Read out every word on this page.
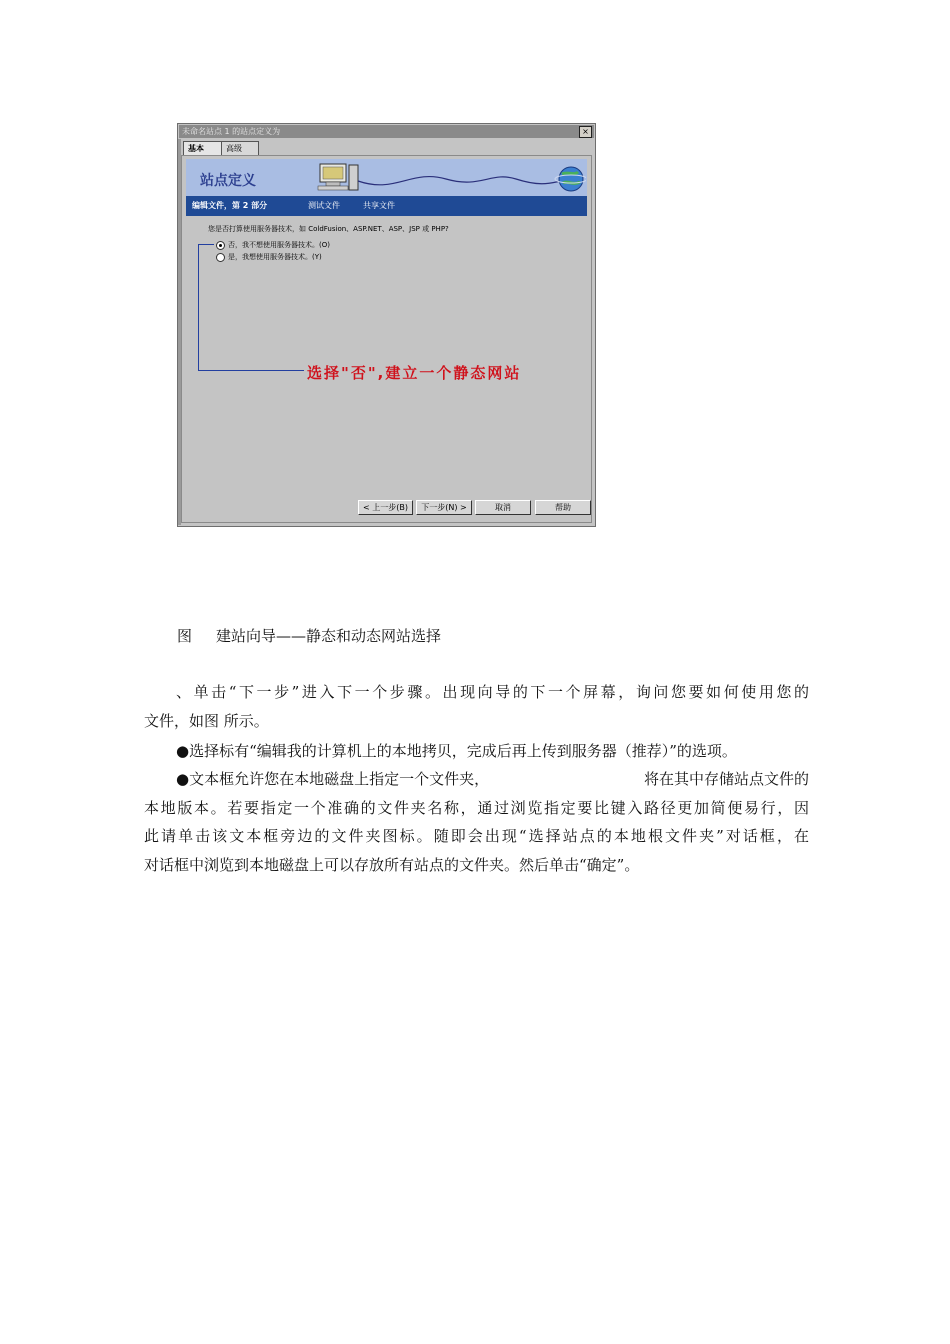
未命名站点 1 的站点定义为	×
基本	高级
站点定义
编辑文件，第 2 部分	测试文件	共享文件
您是否打算使用服务器技术，如 ColdFusion、ASP.NET、ASP、JSP 或 PHP?
否，我不想使用服务器技术。(O)
是，我想使用服务器技术。(Y)
选择"否",建立一个静态网站
< 上一步(B)	下一步(N) >	取消	帮助
图 建站向导——静态和动态网站选择
、单击“下一步”进入下一个步骤。出现向导的下一个屏幕，询问您要如何使用您的
文件，如图 所示。
●选择标有“编辑我的计算机上的本地拷贝，完成后再上传到服务器（推荐）”的选项。
●文本框允许您在本地磁盘上指定一个文件夹，	将在其中存储站点文件的
本地版本。若要指定一个准确的文件夹名称，通过浏览指定要比键入路径更加简便易行，因
此请单击该文本框旁边的文件夹图标。随即会出现“选择站点的本地根文件夹”对话框，在
对话框中浏览到本地磁盘上可以存放所有站点的文件夹。然后单击“确定”。
